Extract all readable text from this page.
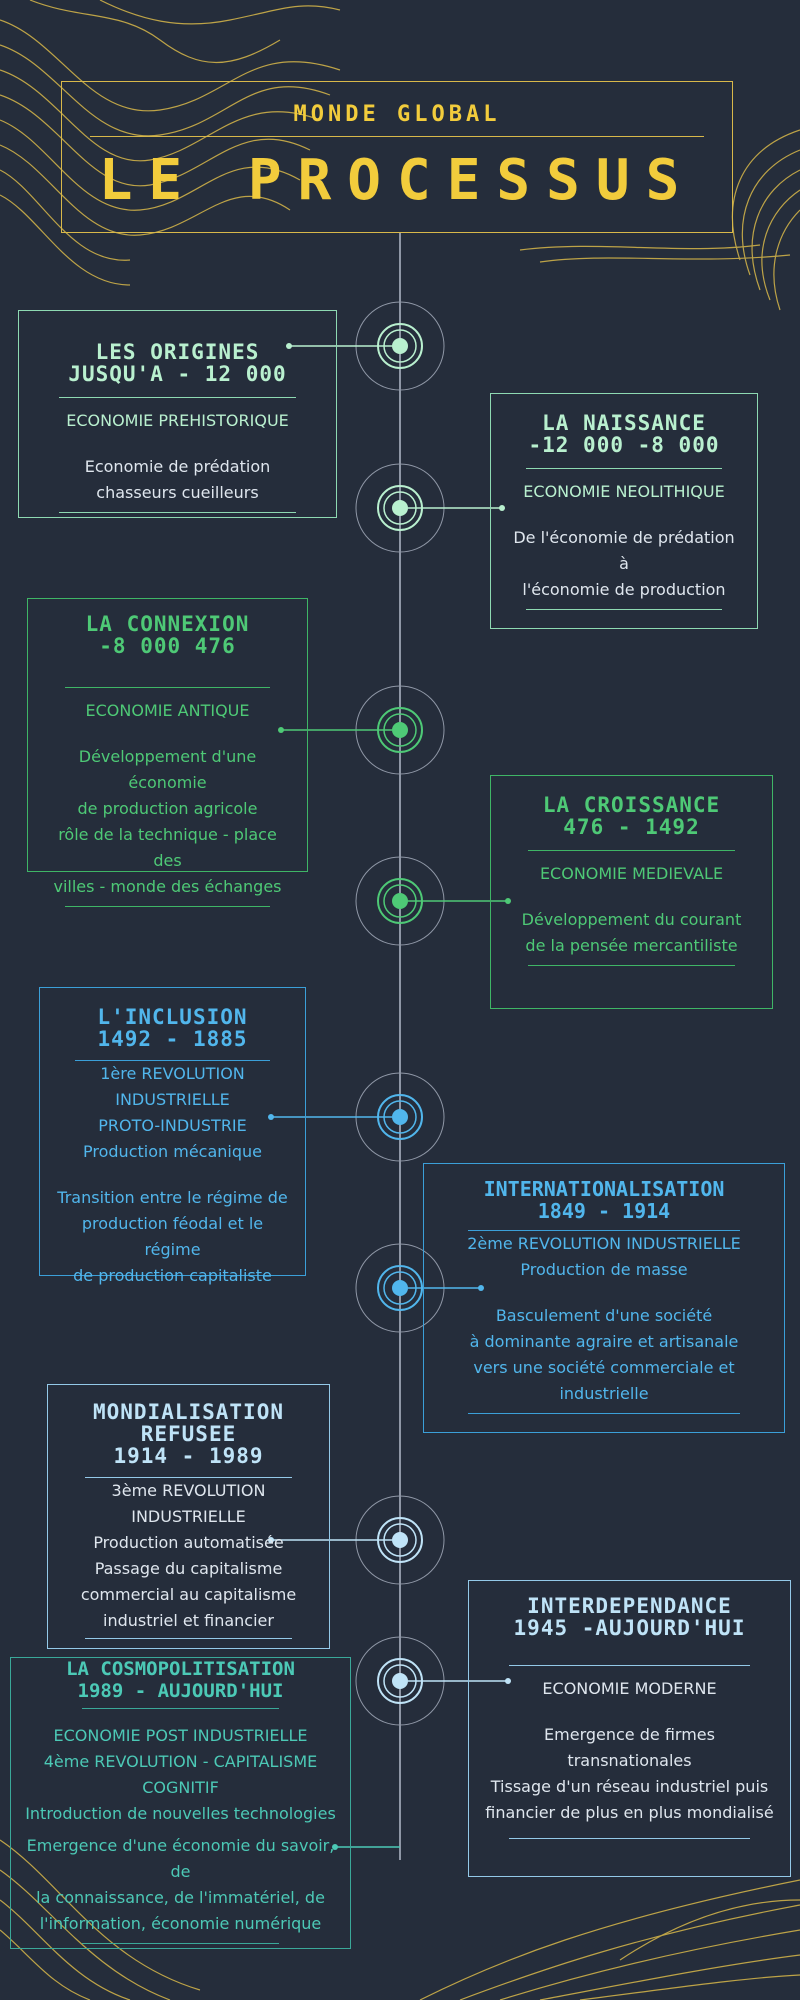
MONDE GLOBAL
LE PROCESSUS
LES ORIGINES
JUSQU'A - 12 000
ECONOMIE PREHISTORIQUE
Economie de prédation
chasseurs cueilleurs
LA NAISSANCE
-12 000 -8 000
ECONOMIE NEOLITHIQUE
De l'économie de prédation
à
l'économie de production
LA CONNEXION
-8 000 476
ECONOMIE ANTIQUE
Développement d'une économie
de production agricole
rôle de la technique - place des
villes - monde des échanges
LA CROISSANCE
476 - 1492
ECONOMIE MEDIEVALE
Développement du courant
de la pensée mercantiliste
L'INCLUSION
1492 - 1885
1ère REVOLUTION
INDUSTRIELLE
PROTO-INDUSTRIE
Production mécanique
Transition entre le régime de
production féodal et le régime
de production capitaliste
INTERNATIONALISATION
1849 - 1914
2ème REVOLUTION INDUSTRIELLE
Production de masse
Basculement d'une société
à dominante agraire et artisanale
vers une société commerciale et
industrielle
MONDIALISATION
REFUSEE
1914 - 1989
3ème REVOLUTION
INDUSTRIELLE
Production automatisée
Passage du capitalisme
commercial au capitalisme
industriel et financier
INTERDEPENDANCE
1945 -AUJOURD'HUI
ECONOMIE MODERNE
Emergence de firmes
transnationales
Tissage d'un réseau industriel puis
financier de plus en plus mondialisé
LA COSMOPOLITISATION
1989 - AUJOURD'HUI
ECONOMIE POST INDUSTRIELLE
4ème REVOLUTION - CAPITALISME
COGNITIF
Introduction de nouvelles technologies
Emergence d'une économie du savoir, de
la connaissance, de l'immatériel, de
l'information, économie numérique
